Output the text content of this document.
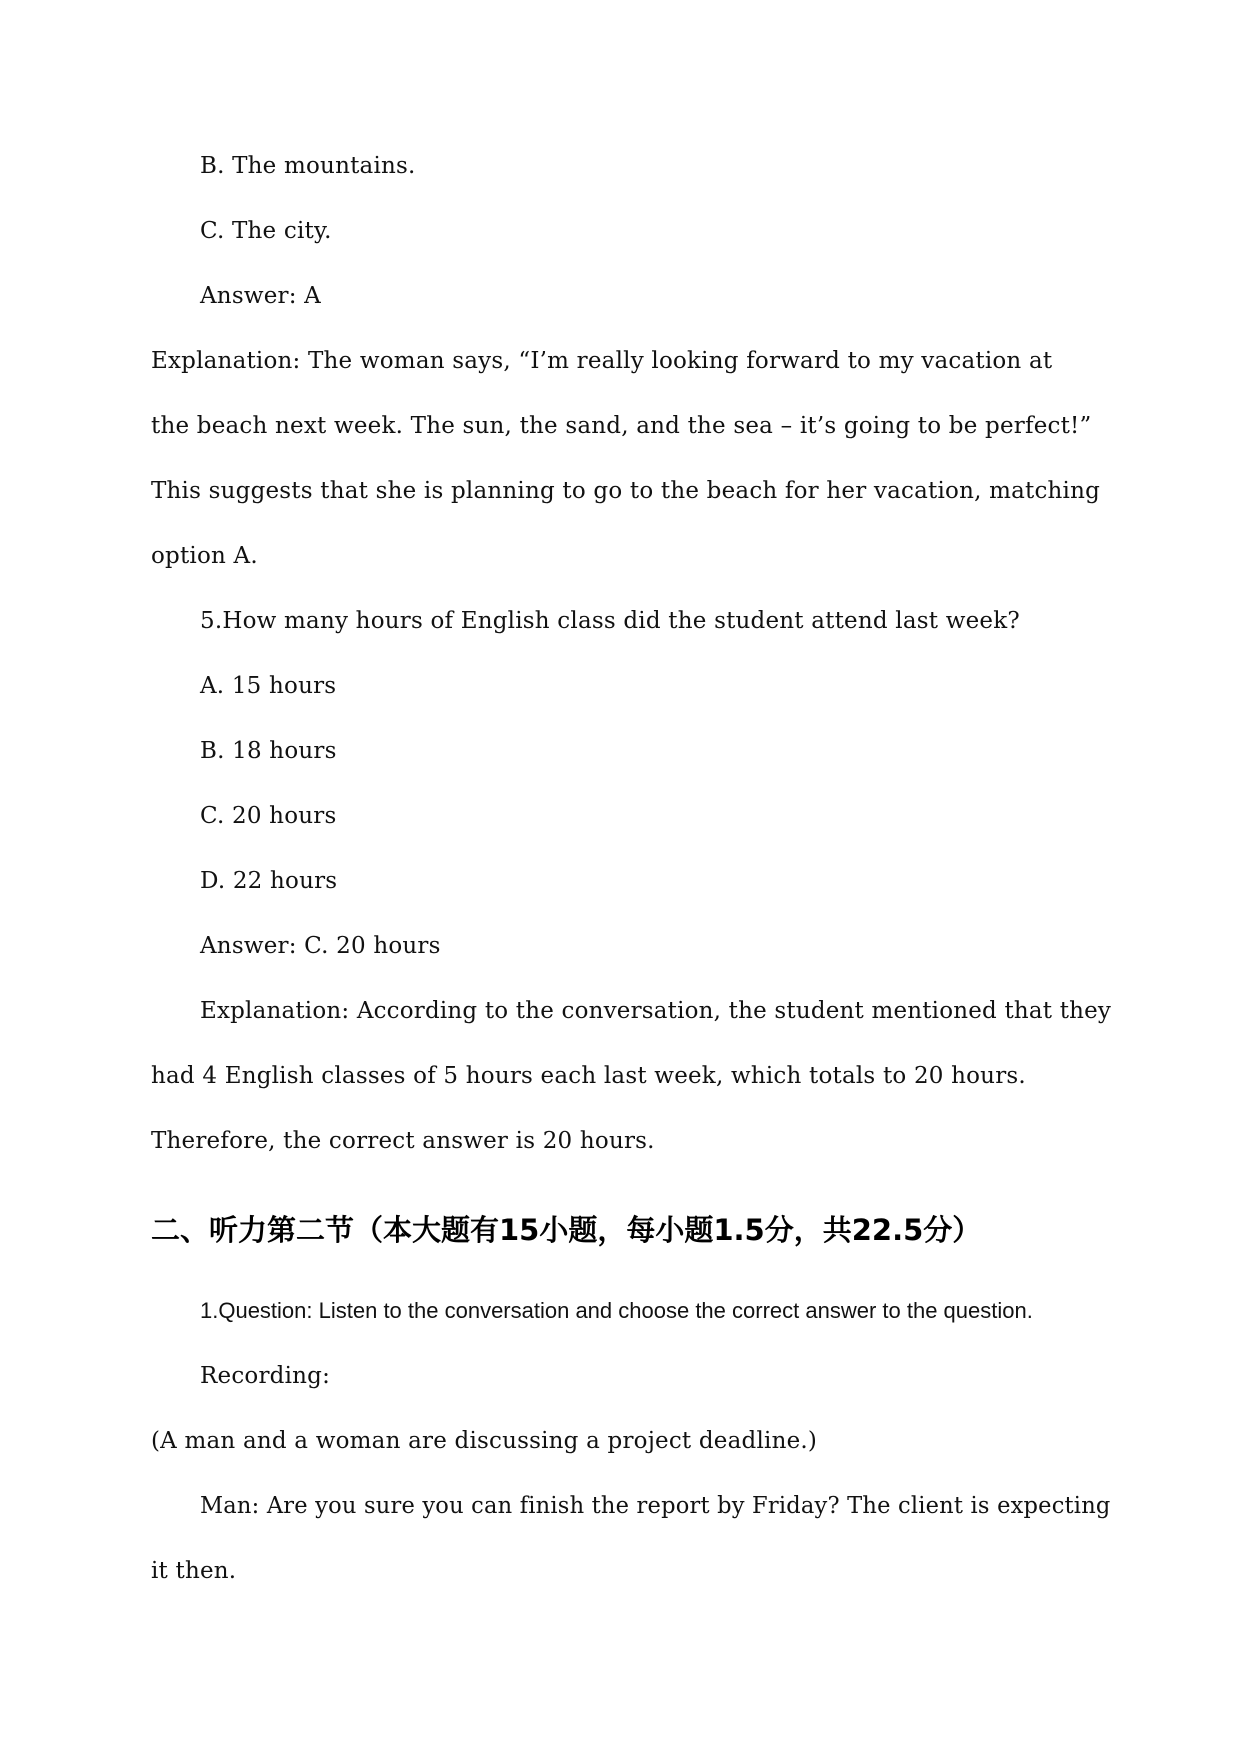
B. The mountains.
C. The city.
Answer: A
Explanation: The woman says, “I’m really looking forward to my vacation at
the beach next week. The sun, the sand, and the sea – it’s going to be perfect!”
This suggests that she is planning to go to the beach for her vacation, matching
option A.
5.How many hours of English class did the student attend last week?
A. 15 hours
B. 18 hours
C. 20 hours
D. 22 hours
Answer: C. 20 hours
Explanation: According to the conversation, the student mentioned that they
had 4 English classes of 5 hours each last week, which totals to 20 hours.
Therefore, the correct answer is 20 hours.
二、听力第二节（本大题有15小题，每小题1.5分，共22.5分）
1.Question: Listen to the conversation and choose the correct answer to the question.
Recording:
(A man and a woman are discussing a project deadline.)
Man: Are you sure you can finish the report by Friday? The client is expecting
it then.
